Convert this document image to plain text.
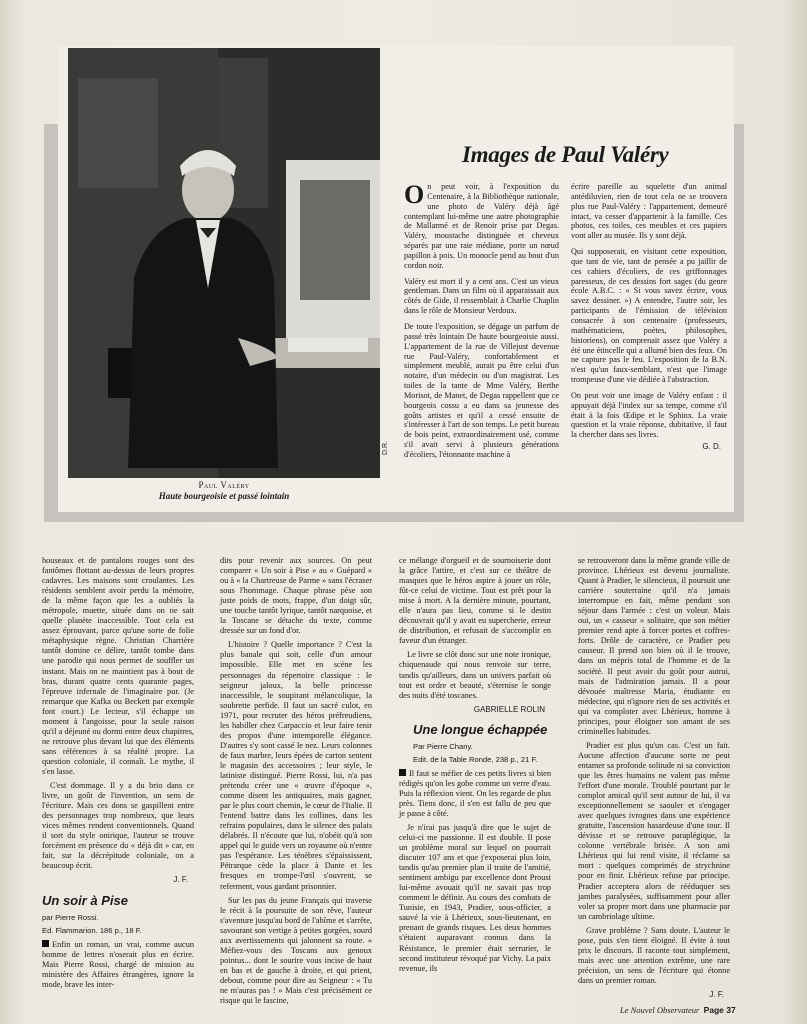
D.R.
Paul Valéry
Haute bourgeoisie et passé lointain
Images de Paul Valéry

On peut voir, à l'exposition du Centenaire, à la Bibliothèque nationale, une photo de Valéry déjà âgé contemplant lui-même une autre photographie de Mallarmé et de Renoir prise par Degas. Valéry, moustache distinguée et cheveux séparés par une raie médiane, porte un nœud papillon à pois. Un monocle pend au bout d'un cordon noir.

Valéry est mort il y a cent ans. C'est un vieux gentleman. Dans un film où il apparaissait aux côtés de Gide, il ressemblait à Charlie Chaplin dans le rôle de Monsieur Verdoux.

De toute l'exposition, se dégage un parfum de passé très lointain De haute bourgeoisie aussi. L'appartement de la rue de Villejust devenue rue Paul-Valéry, confortablement et simplement meublé, aurait pu être celui d'un notaire, d'un médecin ou d'un magistrat. Les toiles de la tante de Mme Valéry, Berthe Morisot, de Manet, de Degas rappellent que ce bourgeois cossu a eu dans sa jeunesse des goûts artistes et qu'il a cessé ensuite de s'intéresser à l'art de son temps. Le petit bureau de bois peint, extraordinairement usé, comme s'il avait servi à plusieurs générations d'écoliers, l'étonnante machine à

écrire pareille au squelette d'un animal antédiluvien, rien de tout cela ne se trouvera plus rue Paul-Valéry : l'appartement, demeuré intact, va cesser d'appartenir à la famille. Ces photos, ces toiles, ces meubles et ces papiers vont aller au musée. Ils y sont déjà.

Qui supposerait, en visitant cette exposition, que tant de vie, tant de pensée a pu jaillir de ces cahiers d'écoliers, de ces griffonnages paresseux, de ces dessins fort sages (du genre école A.B.C. : « Si vous savez écrire, vous savez dessiner. ») A entendre, l'autre soir, les participants de l'émission de télévision consacrée à son centenaire (professeurs, mathématiciens, poètes, philosophes, historiens), on comprenait assez que Valéry a été une étincelle qui a allumé bien des feux. On ne capture pas le feu. L'exposition de la B.N. n'est qu'un faux-semblant, n'est que l'image trompeuse d'une vie dédiée à l'abstraction.

On peut voir une image de Valéry enfant : il appuyait déjà l'index sur sa tempe, comme s'il était à la fois Œdipe et le Sphinx. La vraie question et la vraie réponse, dubitative, il faut la chercher dans ses livres.

G. D.

houseaux et de pantalons rouges sont des fantômes flottant au-dessus de leurs propres cadavres. Les maisons sont croulantes. Les résidents semblent avoir perdu la mémoire, de la même façon que les a oubliés la métropole, muette, située dans on ne sait quelle planète inaccessible. Tout cela est assez éprouvant, parce qu'une sorte de folie métaphysique règne. Christian Charrière tantôt domine ce délire, tantôt tombe dans une parodie qui nous permet de souffler un instant. Mais on ne maintient pas à bout de bras, durant quatre cents quarante pages, l'épreuve infernale de l'imaginaire pur. (Je remarque que Kafka ou Beckett par exemple font court.) Le lecteur, s'il échappe un moment à l'angoisse, pour la seule raison qu'il a déjeuné ou dormi entre deux chapitres, ne retrouve plus devant lui que des éléments sans références à sa réalité propre. La question coloniale, il connaît. Le mythe, il s'en lasse.

C'est dommage. Il y a du brio dans ce livre, un goût de l'invention, un sens de l'écriture. Mais ces dons se gaspillent entre des personnages trop nombreux, que leurs vices mêmes rendent conventionnels. Quand il sort du style onirique, l'auteur se trouve forcément en présence du « déjà dit » car, en fait, sur la décrépitude coloniale, on a beaucoup écrit.

J. F.
Un soir à Pise
par Pierre Rossi.
Ed. Flammarion. 186 p., 18 F.

Enfin un roman, un vrai, comme aucun homme de lettres n'oserait plus en écrire. Mais Pierre Rossi, chargé de mission au ministère des Affaires étrangères, ignore la mode, brave les inter-

dits pour revenir aux sources. On peut comparer « Un soir à Pise » au « Guépard » ou à « la Chartreuse de Parme » sans l'écraser sous l'hommage. Chaque phrase pèse son juste poids de mots, frappe, d'un doigt sûr, une touche tantôt lyrique, tantôt narquoise, et la Toscane se détache du texte, comme dressée sur un fond d'or.

L'histoire ? Quelle importance ? C'est la plus banale qui soit, celle d'un amour impossible. Elle met en scène les personnages du répertoire classique : le seigneur jaloux, la belle princesse inaccessible, le soupirant mélancolique, la soubrette perfide. Il faut un sacré culot, en 1971, pour recruter des héros préfreudiens, les habiller chez Carpaccio et leur faire tenir des propos d'une intemporelle élégance. D'autres s'y sont cassé le nez. Leurs colonnes de faux marbre, leurs épées de carton sentent le magasin des accessoires ; leur style, le latiniste distingué. Pierre Rossi, lui, n'a pas prétendu créer une « œuvre d'époque », comme disent les antiquaires, mais gagner, par le plus court chemin, le cœur de l'Italie. Il l'entend battre dans les collines, dans les refrains populaires, dans le silence des palais délabrés. Il n'écoute que lui, n'obéit qu'à son appel qui le guide vers un royaume où n'entre pas l'espérance. Les ténèbres s'épaississent, Pétrarque cède la place à Dante et les fresques en trompe-l'œil s'ouvrent, se referment, vous gardant prisonnier.

Sur les pas du jeune Français qui traverse le récit à la poursuite de son rêve, l'auteur s'aventure jusqu'au bord de l'abîme et s'arrête, savourant son vertige à petites gorgées, sourd aux avertissements qui jalonnent sa route. « Méfiez-vous des Toscans aux genoux pointus... dont le sourire vous incise de haut en bas et de gauche à droite, et qui prient, debout, comme pour dire au Seigneur : « Tu ne m'auras pas ! » Mais c'est précisément ce risque qui le fascine,

ce mélange d'orgueil et de sournoiserie dont la grâce l'attire, et c'est sur ce théâtre de masques que le héros aspire à jouer un rôle, fût-ce celui de victime. Tout est prêt pour la mise à mort. A la dernière minute, pourtant, elle n'aura pas lieu, comme si le destin découvrait qu'il y avait eu supercherie, erreur de distribution, et refusait de s'accomplir en faveur d'un étranger.

Le livre se clôt donc sur une note ironique, chiquenaude qui nous renvoie sur terre, tandis qu'ailleurs, dans un univers parfait où tout est ordre et beauté, s'éternise le songe des nuits d'été toscanes.

GABRIELLE ROLIN
Une longue échappée
Par Pierre Chany.
Edit. de la Table Ronde, 238 p., 21 F.

Il faut se méfier de ces petits livres si bien rédigés qu'on les gobe comme un verre d'eau. Puis la réflexion vient. On les regarde de plus près. Tiens donc, il s'en est fallu de peu que je passe à côté.

Je n'irai pas jusqu'à dire que le sujet de celui-ci me passionne. Il est double. Il pose un problème moral sur lequel on pourrait discuter 107 ans et que j'exposerai plus loin, tandis qu'au premier plan il traite de l'amitié, sentiment ambigu par excellence dont Proust lui-même avouait qu'il ne savait pas trop comment le définir. Au cours des combats de Tunisie, en 1943, Pradier, sous-officier, a sauvé la vie à Lhérieux, sous-lieutenant, en prenant de grands risques. Les deux hommes s'étaient auparavant connus dans la Résistance, le premier était serrurier, le second instituteur révoqué par Vichy. La paix revenue, ils

se retrouveront dans la même grande ville de province. Lhérieux est devenu journaliste. Quant à Pradier, le silencieux, il poursuit une carrière souterraine qu'il n'a jamais interrompue en fait, même pendant son séjour dans l'armée : c'est un voleur. Mais oui, un « casseur » solitaire, que son métier premier rend apte à forcer portes et coffres-forts. Drôle de caractère, ce Pradier peu causeur. Il prend son bien où il le trouve, dans un mépris total de l'homme et de la société. Il peut avoir du goût pour autrui, mais de l'admiration jamais. Il a pour dévouée maîtresse Maria, étudiante en médecine, qui n'ignore rien de ses activités et qui va comploter avec Lhérieux, homme à principes, pour éloigner son amant de ses criminelles habitudes.

Pradier est plus qu'un cas. C'est un fait. Aucune affection d'aucune sorte ne peut entamer sa profonde solitude ni sa conviction que les êtres humains ne valent pas même l'effort d'une morale. Troublé pourtant par le complot amical qu'il sent autour de lui, il va exceptionnellement se saouler et s'engager avec quelques ivrognes dans une expérience gratuite, l'ascension hasardeuse d'une tour. Il dévisse et se retrouve paraplégique, la colonne vertébrale brisée. A son ami Lhérieux qui lui rend visite, il réclame sa mort : quelques comprimés de strychnine pour en finir. Lhérieux refuse par principe. Pradier acceptera alors de rééduquer ses jambes paralysées, suffisamment pour aller voler sa propre mort dans une pharmacie par un cambriolage ultime.

Grave problème ? Sans doute. L'auteur le pose, puis s'en tient éloigné. Il évite à tout prix le discours. Il raconte tout simplement, mais avec une attention extrême, une rare précision, un sens de l'écriture qui étonne dans un premier roman.

J. F.
Le Nouvel Observateur Page 37
